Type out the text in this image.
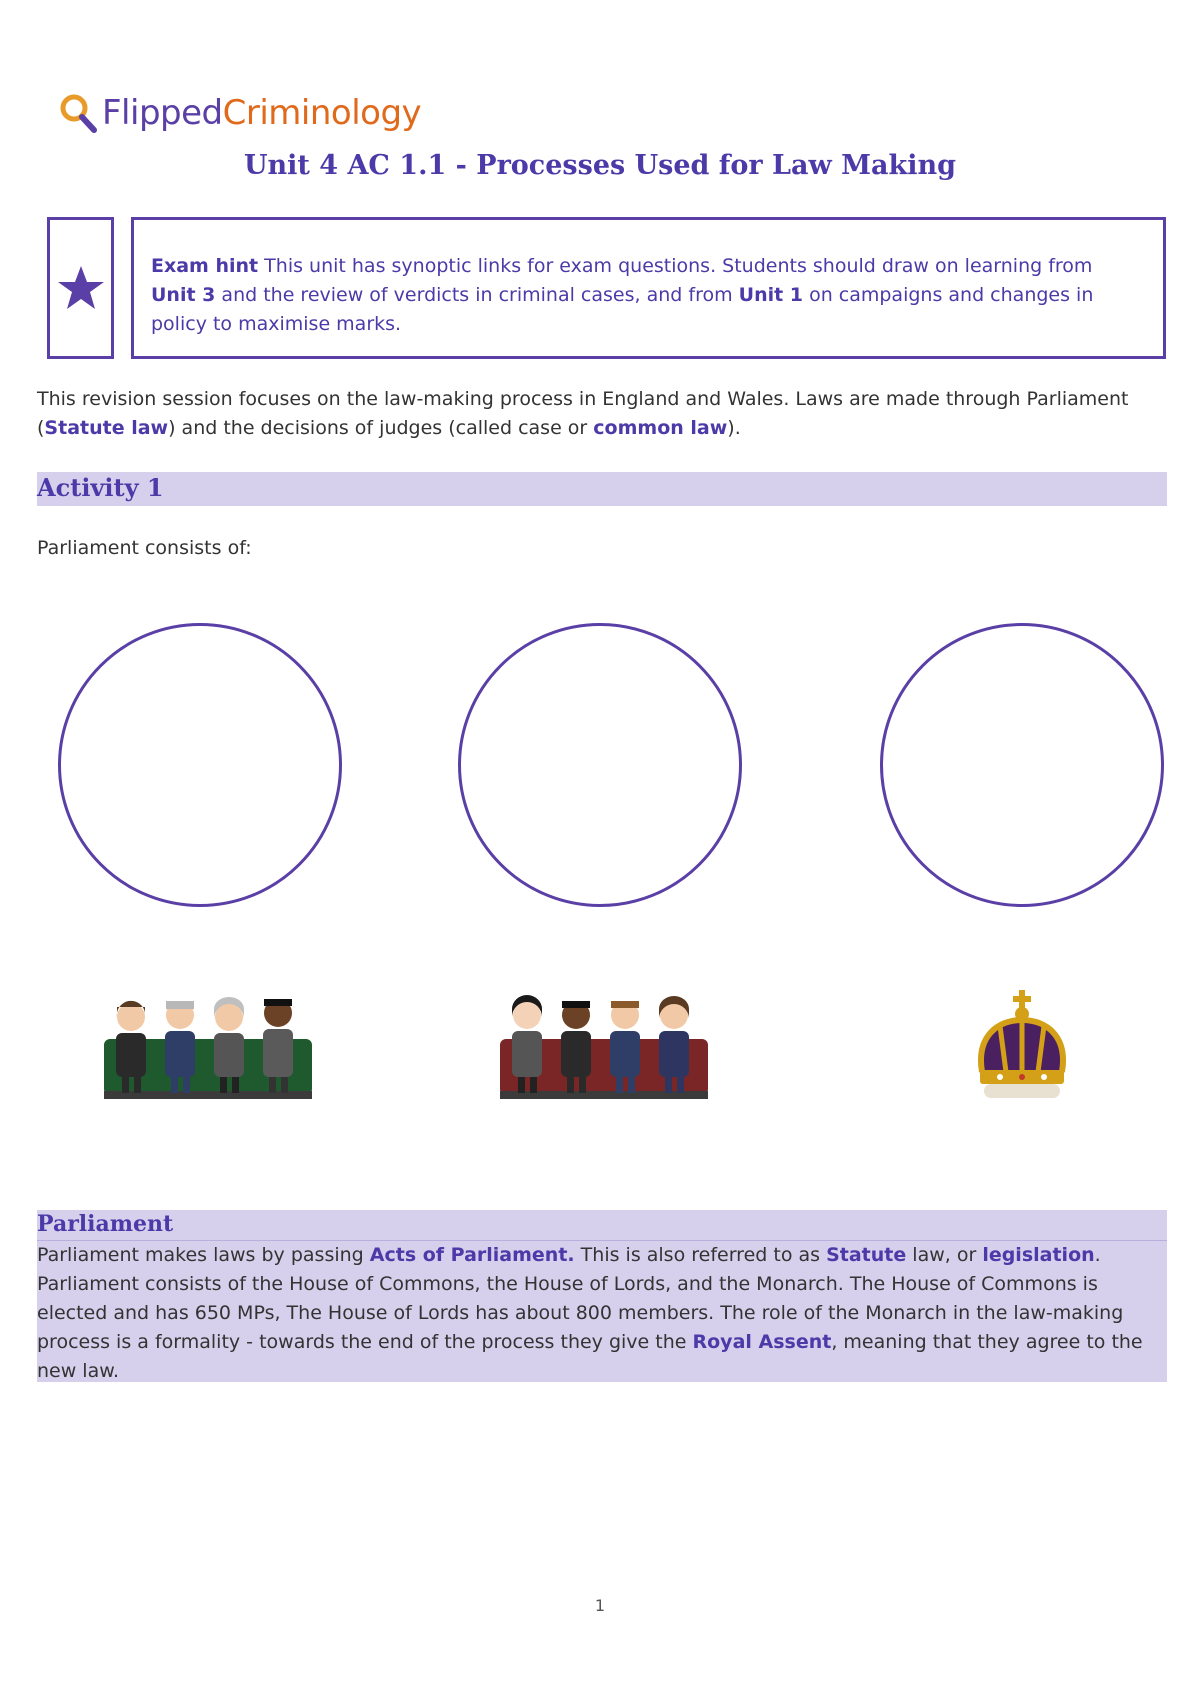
FlippedCriminology
Unit 4 AC 1.1 - Processes Used for Law Making
Exam hint This unit has synoptic links for exam questions. Students should draw on learning from Unit 3 and the review of verdicts in criminal cases, and from Unit 1 on campaigns and changes in policy to maximise marks.
This revision session focuses on the law-making process in England and Wales. Laws are made through Parliament (Statute law) and the decisions of judges (called case or common law).
Activity 1
Parliament consists of:
Parliament
Parliament makes laws by passing Acts of Parliament. This is also referred to as Statute law, or legislation. Parliament consists of the House of Commons, the House of Lords, and the Monarch. The House of Commons is elected and has 650 MPs, The House of Lords has about 800 members. The role of the Monarch in the law-making process is a formality - towards the end of the process they give the Royal Assent, meaning that they agree to the new law.
1
